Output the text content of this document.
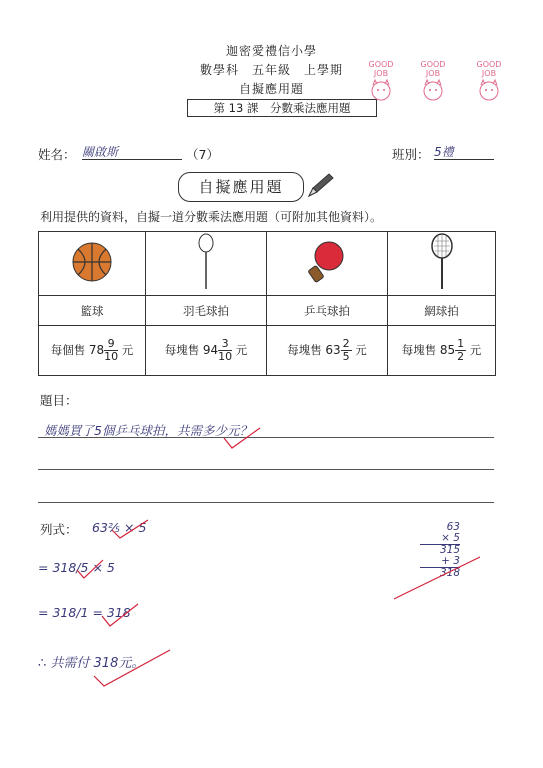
迦密愛禮信小學
數學科　五年級　上學期
自擬應用題
第 13 課　分數乘法應用題
GOOD JOB
GOOD JOB
GOOD JOB
姓名： 關啟斯	（7）	班別： 5禮
自擬應用題
利用提供的資料，自擬一道分數乘法應用題（可附加其他資料）。

籃球	羽毛球拍	乒乓球拍	網球拍
每個售 $78 \frac{9}{10}$ 元	每塊售 $94 \frac{3}{10}$ 元	每塊售 $63 \frac{2}{5}$ 元	每塊售 $85 \frac{1}{2}$ 元
題目：
媽媽買了5個乒乓球拍，共需多少元？
列式： 63⅖ × 5
= 318/5 × 5
= 318/1 = 318
∴ 共需付 318元。
63
× 5
315
+ 3
318
